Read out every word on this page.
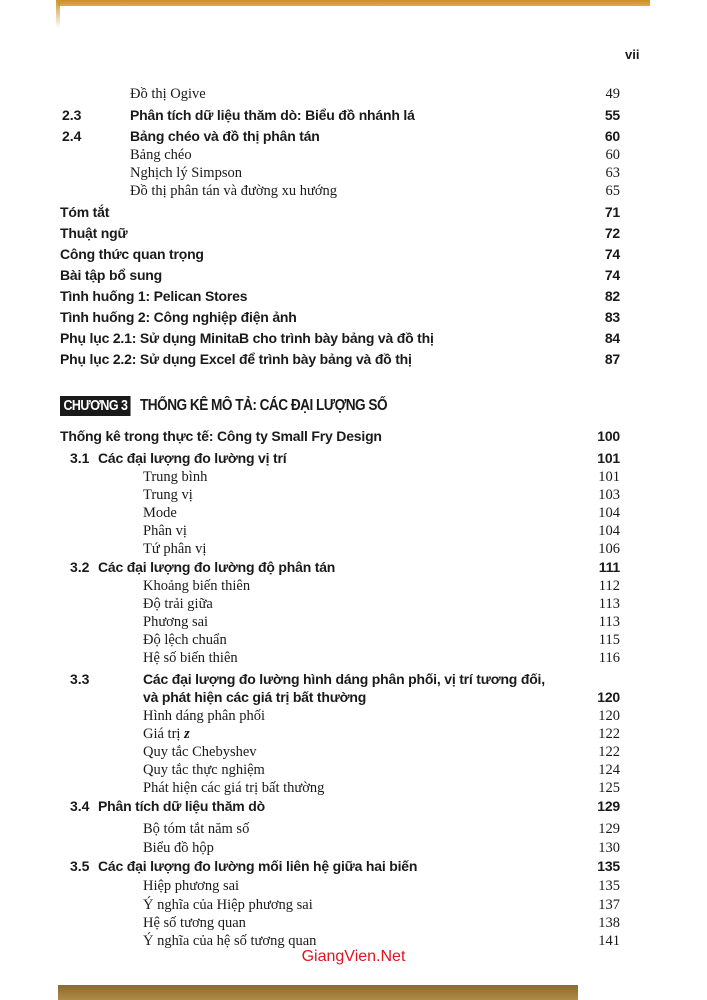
vii
Đồ thị Ogive	49
2.3	Phân tích dữ liệu thăm dò: Biểu đồ nhánh lá	55
2.4	Bảng chéo và đồ thị phân tán	60
Bảng chéo	60
Nghịch lý Simpson	63
Đồ thị phân tán và đường xu hướng	65
Tóm tắt	71
Thuật ngữ	72
Công thức quan trọng	74
Bài tập bổ sung	74
Tình huống 1: Pelican Stores	82
Tình huống 2: Công nghiệp điện ảnh	83
Phụ lục 2.1: Sử dụng MinitaB cho trình bày bảng và đồ thị	84
Phụ lục 2.2: Sử dụng Excel để trình bày bảng và đồ thị	87
CHƯƠNG 3 THỐNG KÊ MÔ TẢ: CÁC ĐẠI LƯỢNG SỐ
Thống kê trong thực tế: Công ty Small Fry Design	100
3.1 Các đại lượng đo lường vị trí	101
Trung bình	101
Trung vị	103
Mode	104
Phân vị	104
Tứ phân vị	106
3.2 Các đại lượng đo lường độ phân tán	111
Khoảng biến thiên	112
Độ trải giữa	113
Phương sai	113
Độ lệch chuẩn	115
Hệ số biến thiên	116
3.3	Các đại lượng đo lường hình dáng phân phối, vị trí tương đối,
và phát hiện các giá trị bất thường	120
Hình dáng phân phối	120
Giá trị z	122
Quy tắc Chebyshev	122
Quy tắc thực nghiệm	124
Phát hiện các giá trị bất thường	125
3.4 Phân tích dữ liệu thăm dò	129
Bộ tóm tắt năm số	129
Biểu đồ hộp	130
3.5 Các đại lượng đo lường mối liên hệ giữa hai biến	135
Hiệp phương sai	135
Ý nghĩa của Hiệp phương sai	137
Hệ số tương quan	138
Ý nghĩa của hệ số tương quan	141
GiangVien.Net
